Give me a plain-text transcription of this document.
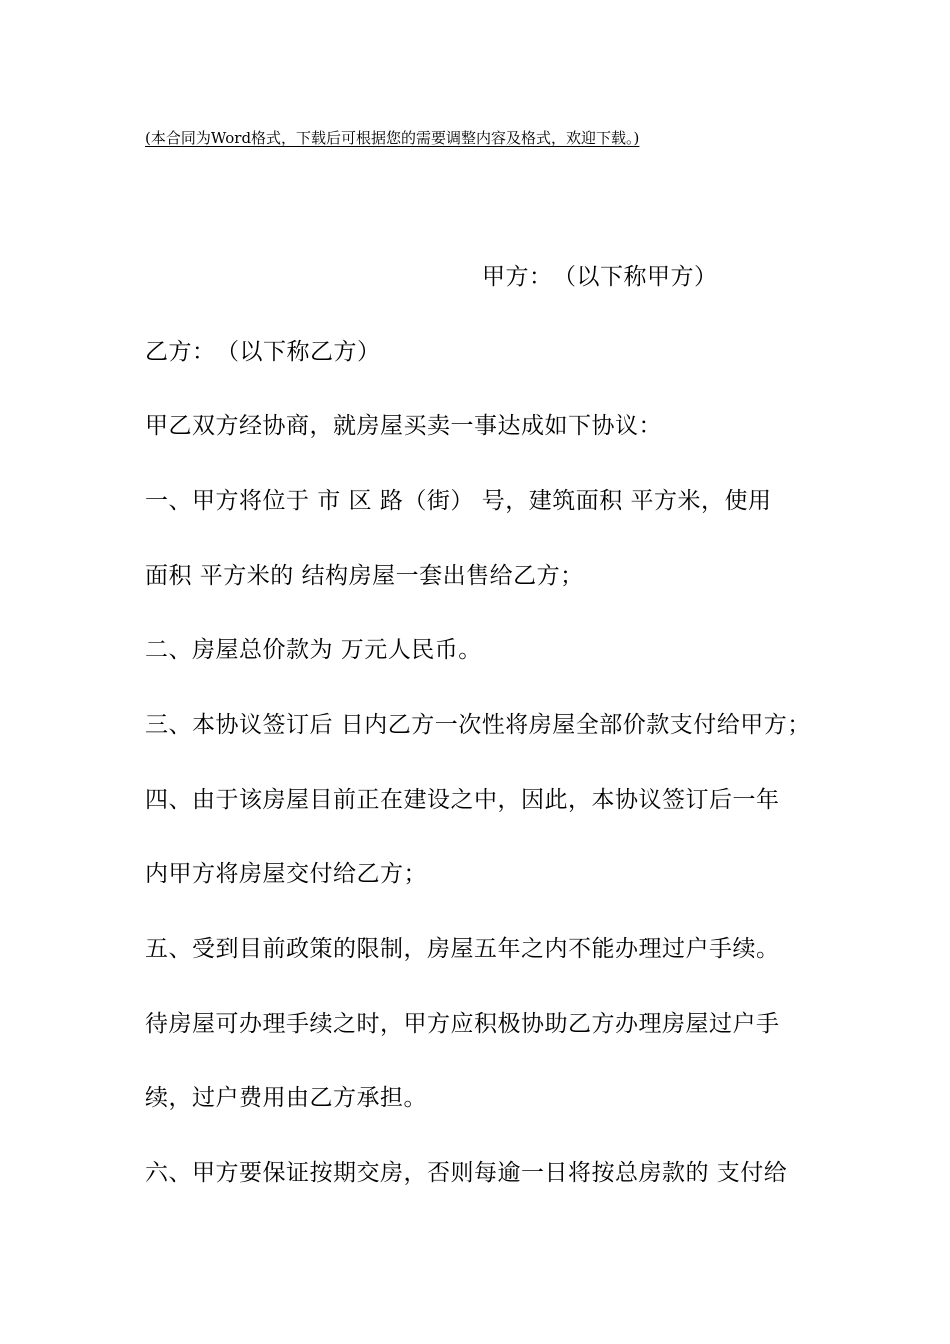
(本合同为Word格式，下载后可根据您的需要调整内容及格式，欢迎下载。)
甲方：　（以下称甲方）
乙方：　（以下称乙方）
甲乙双方经协商，就房屋买卖一事达成如下协议：
一、甲方将位于 市 区 路（街） 号，建筑面积 平方米，使用
面积 平方米的 结构房屋一套出售给乙方；
二、房屋总价款为 万元人民币。
三、本协议签订后 日内乙方一次性将房屋全部价款支付给甲方；
四、由于该房屋目前正在建设之中，因此，本协议签订后一年
内甲方将房屋交付给乙方；
五、受到目前政策的限制，房屋五年之内不能办理过户手续。
待房屋可办理手续之时，甲方应积极协助乙方办理房屋过户手
续，过户费用由乙方承担。
六、甲方要保证按期交房，否则每逾一日将按总房款的 支付给
